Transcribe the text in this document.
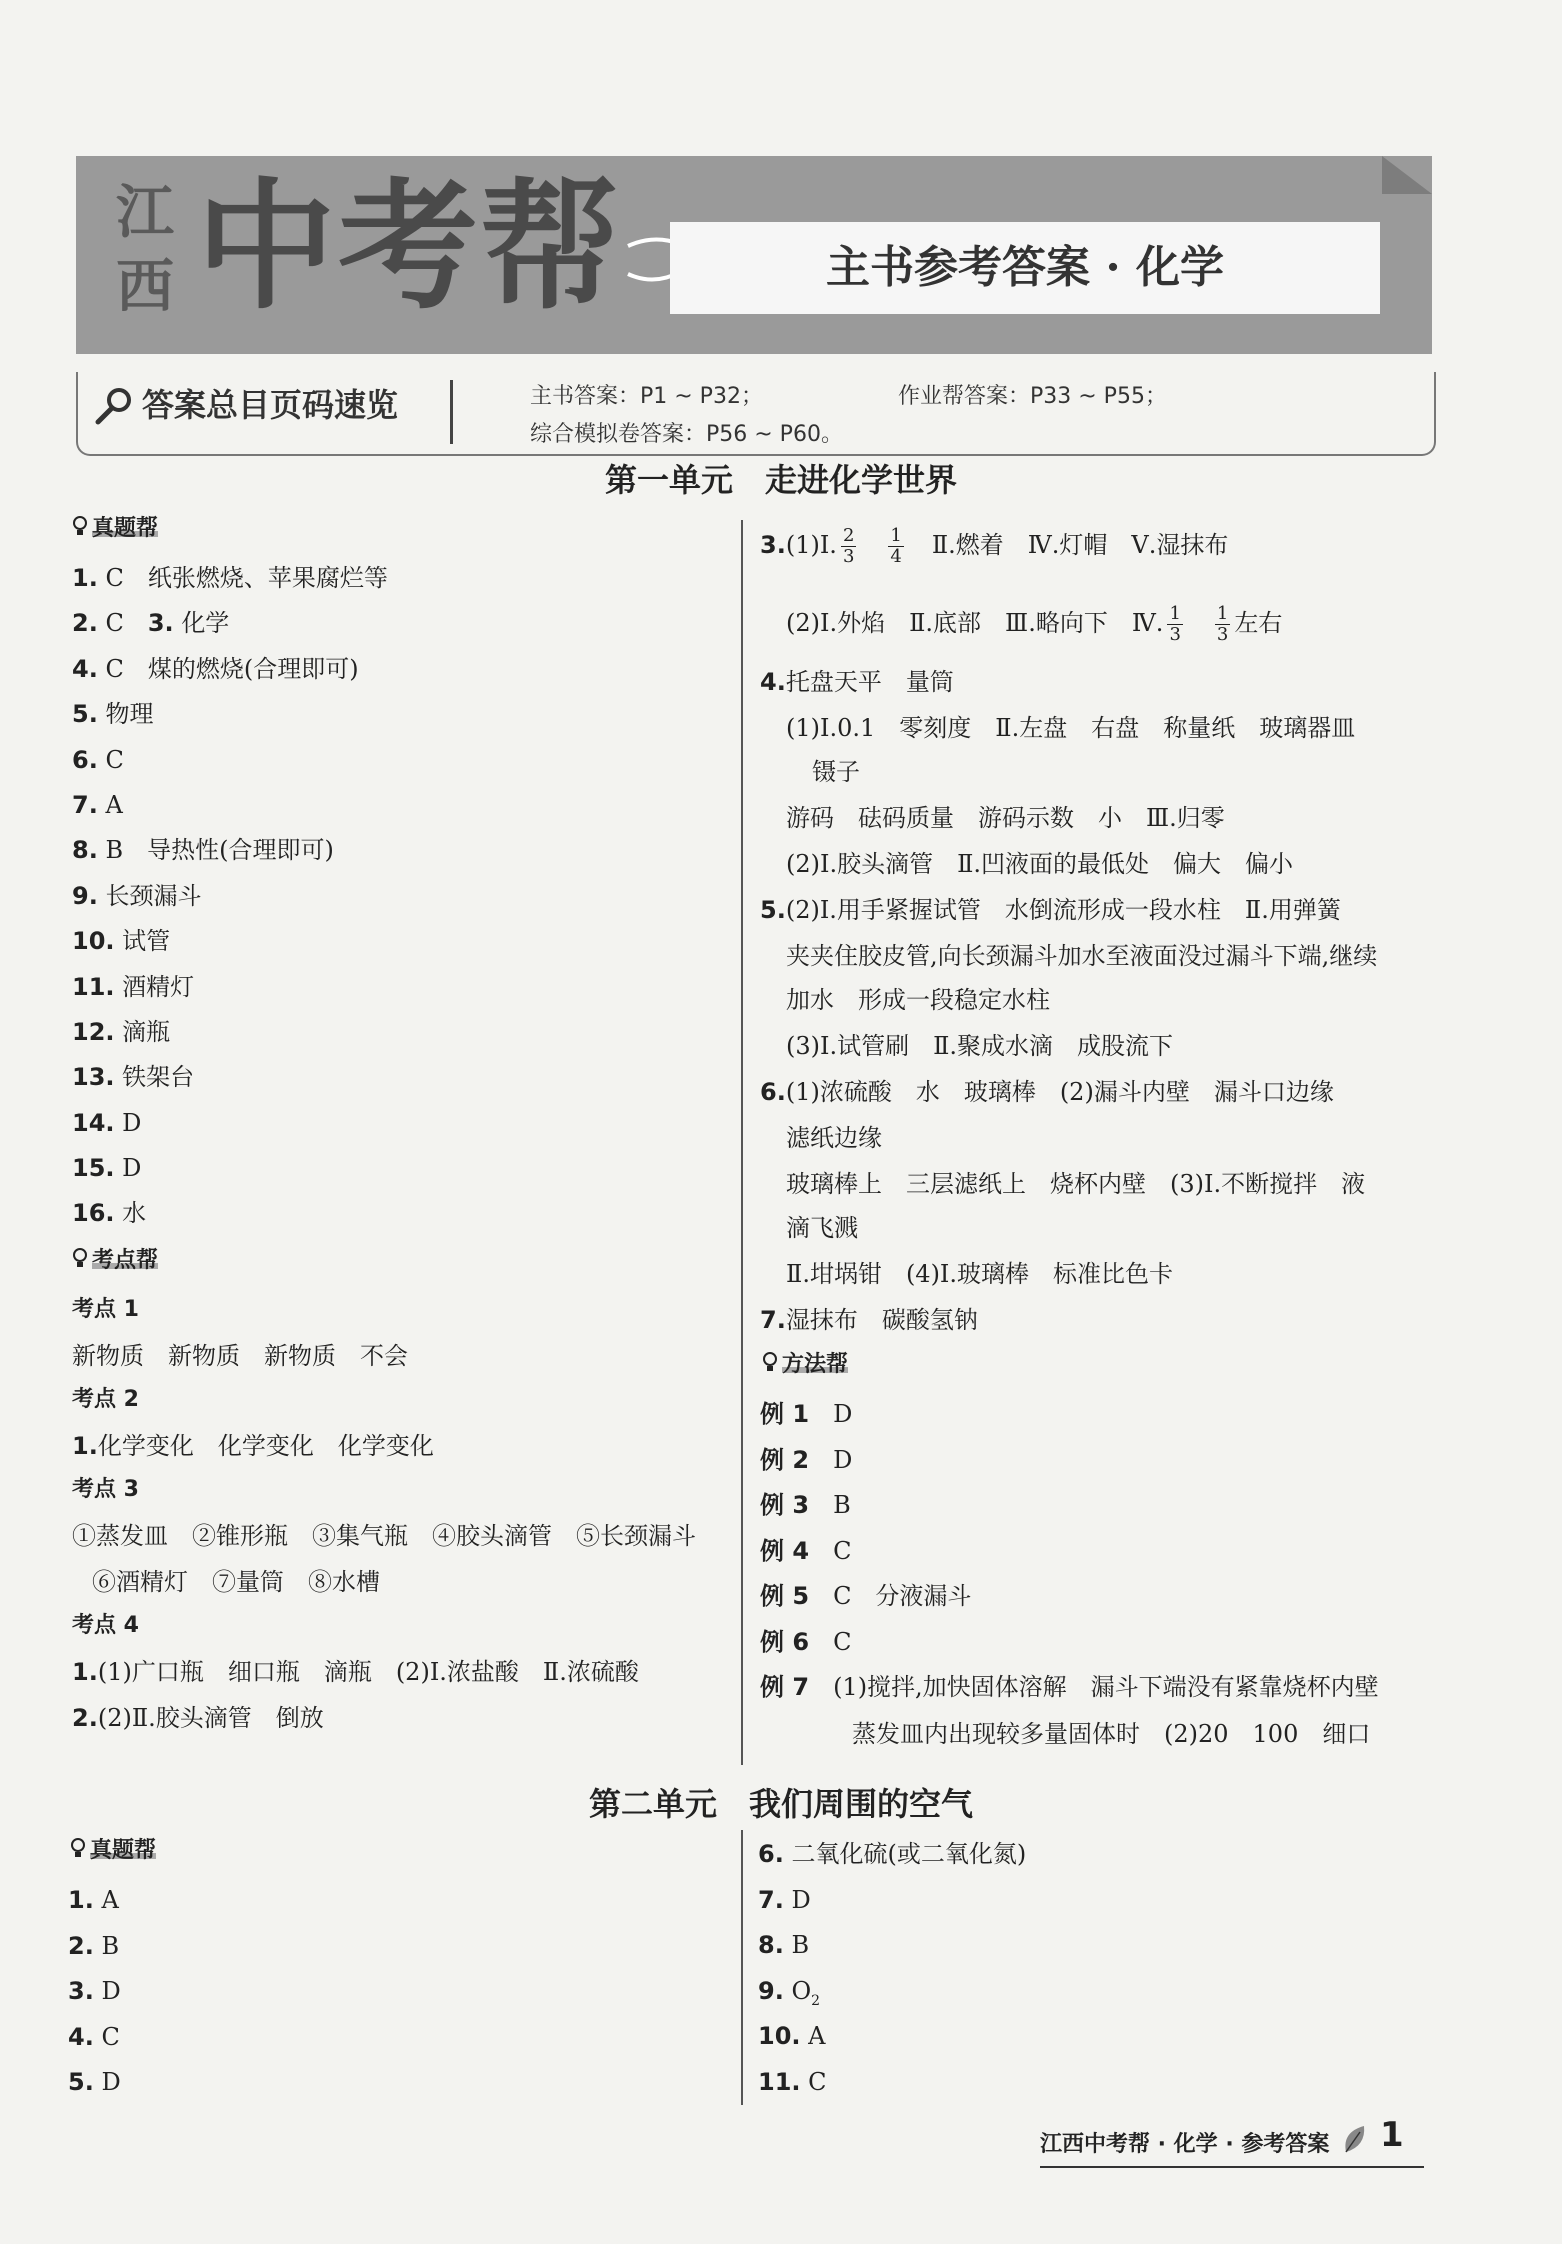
江
西 中考帮	主书参考答案 · 化学
答案总目页码速览	主书答案：P1 ~ P32；	作业帮答案：P33 ~ P55；
综合模拟卷答案：P56 ~ P60。
第一单元　走进化学世界
真题帮
1. C　纸张燃烧、苹果腐烂等
2. C　 3. 化学
4. C　煤的燃烧(合理即可)
5. 物理
6. C
7. A
8. B　导热性(合理即可)
9. 长颈漏斗
10. 试管
11. 酒精灯
12. 滴瓶
13. 铁架台
14. D
15. D
16. 水
考点帮
考点 1
新物质　新物质　新物质　不会
考点 2
1.化学变化　化学变化　化学变化
考点 3
①蒸发皿　②锥形瓶　③集气瓶　④胶头滴管　⑤长颈漏斗
⑥酒精灯　⑦量筒　⑧水槽
考点 4
1.(1)广口瓶　细口瓶　滴瓶　(2)Ⅰ.浓盐酸　Ⅱ.浓硫酸
2.(2)Ⅱ.胶头滴管　倒放
3.(1)Ⅰ. $\frac{2}{3}$
　 $\frac{1}{4}$
　 Ⅱ.燃着　Ⅳ.灯帽　Ⅴ.湿抹布
(2)Ⅰ.外焰　Ⅱ.底部　Ⅲ.略向下　Ⅳ. $\frac{1}{3}$
　 $\frac{1}{3}$ 左右
4.托盘天平　量筒
(1)Ⅰ.0.1　零刻度　Ⅱ.左盘　右盘　称量纸　玻璃器皿
镊子
游码　砝码质量　游码示数　小　Ⅲ.归零
(2)Ⅰ.胶头滴管　Ⅱ.凹液面的最低处　偏大　偏小
5.(2)Ⅰ.用手紧握试管　水倒流形成一段水柱　Ⅱ.用弹簧
夹夹住胶皮管,向长颈漏斗加水至液面没过漏斗下端,继续
加水　形成一段稳定水柱
(3)Ⅰ.试管刷　Ⅱ.聚成水滴　成股流下
6.(1)浓硫酸　水　玻璃棒　(2)漏斗内壁　漏斗口边缘
滤纸边缘
玻璃棒上　三层滤纸上　烧杯内壁　(3)Ⅰ.不断搅拌　液
滴飞溅
Ⅱ.坩埚钳　(4)Ⅰ.玻璃棒　标准比色卡
7.湿抹布　碳酸氢钠
方法帮
例 1　 D
例 2　 D
例 3　 B
例 4　 C
例 5　 C　分液漏斗
例 6　 C
例 7　 (1)搅拌,加快固体溶解　漏斗下端没有紧靠烧杯内壁
蒸发皿内出现较多量固体时　(2)20　100　细口
第二单元　我们周围的空气
真题帮
1. A
2. B
3. D
4. C
5. D
6. 二氧化硫(或二氧化氮)
7. D
8. B
9. $O_2$
10. A
11. C
江西中考帮 · 化学 · 参考答案 1
